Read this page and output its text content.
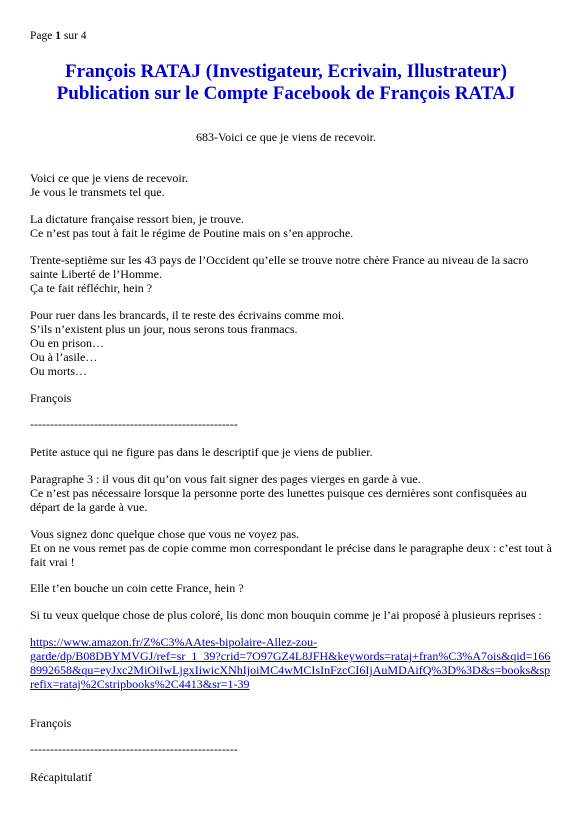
Page 1 sur 4
François RATAJ (Investigateur, Ecrivain, Illustrateur)
Publication sur le Compte Facebook de François RATAJ
683-Voici ce que je viens de recevoir.
Voici ce que je viens de recevoir.
Je vous le transmets tel que.
La dictature française ressort bien, je trouve.
Ce n’est pas tout à fait le régime de Poutine mais on s’en approche.
Trente-septième sur les 43 pays de l’Occident qu’elle se trouve notre chère France au niveau de la sacro
sainte Liberté de l’Homme.
Ça te fait réfléchir, hein ?
Pour ruer dans les brancards, il te reste des écrivains comme moi.
S’ils n’existent plus un jour, nous serons tous franmacs.
Ou en prison…
Ou à l’asile…
Ou morts…
François
----------------------------------------------------
Petite astuce qui ne figure pas dans le descriptif que je viens de publier.
Paragraphe 3 : il vous dit qu’on vous fait signer des pages vierges en garde à vue.
Ce n’est pas nécessaire lorsque la personne porte des lunettes puisque ces dernières sont confisquées au
départ de la garde à vue.
Vous signez donc quelque chose que vous ne voyez pas.
Et on ne vous remet pas de copie comme mon correspondant le précise dans le paragraphe deux : c’est tout à
fait vrai !
Elle t’en bouche un coin cette France, hein ?
Si tu veux quelque chose de plus coloré, lis donc mon bouquin comme je l’ai proposé à plusieurs reprises :
https://www.amazon.fr/Z%C3%AAtes-bipolaire-Allez-zou-
garde/dp/B08DBYMVGJ/ref=sr_1_39?crid=7O97GZ4L8JFH&keywords=rataj+fran%C3%A7ois&qid=166
8992658&qu=eyJxc2MiOiIwLjgxIiwicXNhIjoiMC4wMCIsInFzcCI6IjAuMDAifQ%3D%3D&s=books&sp
refix=rataj%2Cstripbooks%2C4413&sr=1-39
François
----------------------------------------------------
Récapitulatif
